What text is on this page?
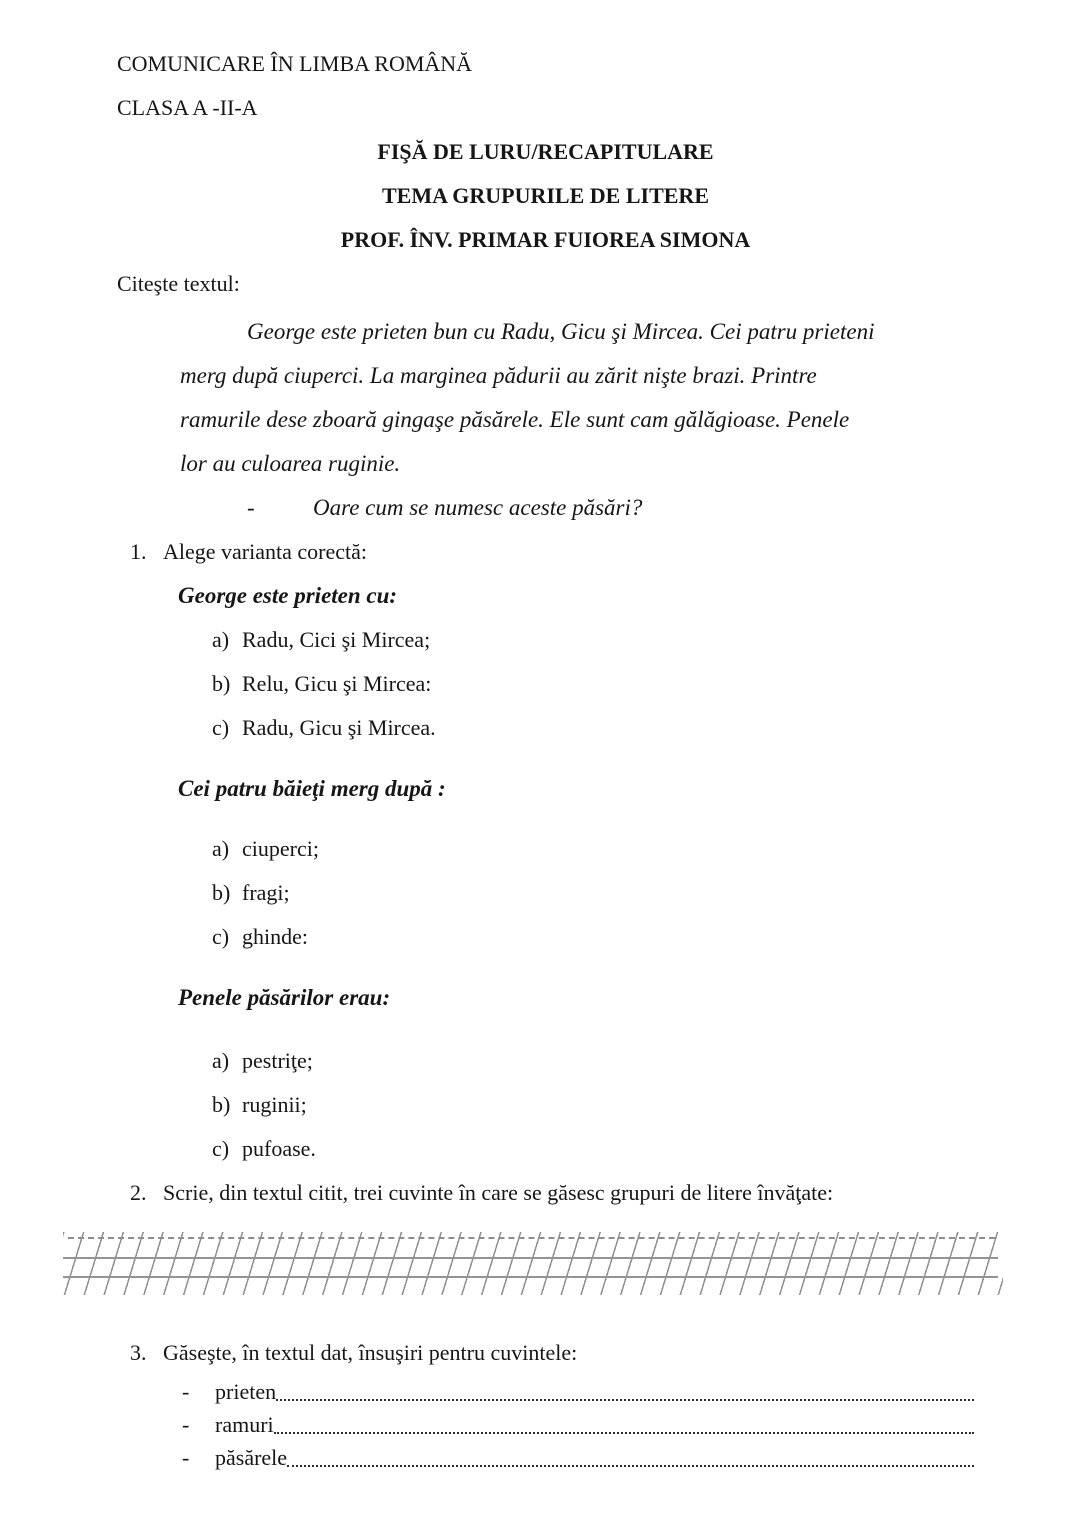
COMUNICARE ÎN LIMBA ROMÂNĂ

CLASA A -II-A

FIŞĂ DE LURU/RECAPITULARE

TEMA GRUPURILE DE LITERE

PROF. ÎNV. PRIMAR FUIOREA SIMONA

Citeşte textul:

George este prieten bun cu Radu, Gicu şi Mircea. Cei patru prieteni
merg după ciuperci. La marginea pădurii au zărit nişte brazi. Printre
ramurile dese zboară gingaşe păsărele. Ele sunt cam gălăgioase. Penele
lor au culoarea ruginie.

-	Oare cum se numesc aceste păsări?

1. Alege varianta corectă:

George este prieten cu:

a) Radu, Cici şi Mircea;

b) Relu, Gicu şi Mircea:

c) Radu, Gicu şi Mircea.

Cei patru băieţi merg după :

a) ciuperci;

b) fragi;

c) ghinde:

Penele păsărilor erau:

a) pestriţe;

b) ruginii;

c) pufoase.

2. Scrie, din textul citit, trei cuvinte în care se găsesc grupuri de litere învăţate:

3. Găseşte, în textul dat, însuşiri pentru cuvintele:

-	prieten
-	ramuri
-	păsărele
